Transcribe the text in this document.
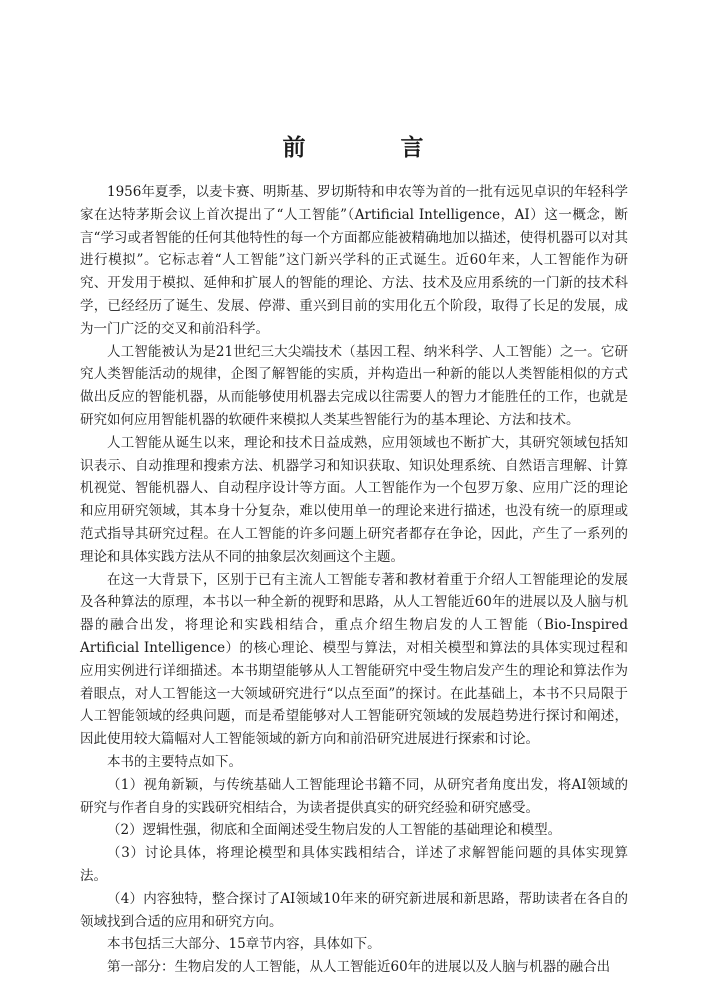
前　言

1956年夏季，以麦卡赛、明斯基、罗切斯特和申农等为首的一批有远见卓识的年轻科学家在达特茅斯会议上首次提出了“人工智能”（Artificial Intelligence，AI）这一概念，断言“学习或者智能的任何其他特性的每一个方面都应能被精确地加以描述，使得机器可以对其进行模拟”。它标志着“人工智能”这门新兴学科的正式诞生。近60年来，人工智能作为研究、开发用于模拟、延伸和扩展人的智能的理论、方法、技术及应用系统的一门新的技术科学，已经经历了诞生、发展、停滞、重兴到目前的实用化五个阶段，取得了长足的发展，成为一门广泛的交叉和前沿科学。

人工智能被认为是21世纪三大尖端技术（基因工程、纳米科学、人工智能）之一。它研究人类智能活动的规律，企图了解智能的实质，并构造出一种新的能以人类智能相似的方式做出反应的智能机器，从而能够使用机器去完成以往需要人的智力才能胜任的工作，也就是研究如何应用智能机器的软硬件来模拟人类某些智能行为的基本理论、方法和技术。

人工智能从诞生以来，理论和技术日益成熟，应用领域也不断扩大，其研究领域包括知识表示、自动推理和搜索方法、机器学习和知识获取、知识处理系统、自然语言理解、计算机视觉、智能机器人、自动程序设计等方面。人工智能作为一个包罗万象、应用广泛的理论和应用研究领域，其本身十分复杂，难以使用单一的理论来进行描述，也没有统一的原理或范式指导其研究过程。在人工智能的许多问题上研究者都存在争论，因此，产生了一系列的理论和具体实践方法从不同的抽象层次刻画这个主题。

在这一大背景下，区别于已有主流人工智能专著和教材着重于介绍人工智能理论的发展及各种算法的原理，本书以一种全新的视野和思路，从人工智能近60年的进展以及人脑与机器的融合出发，将理论和实践相结合，重点介绍生物启发的人工智能（Bio-Inspired Artificial Intelligence）的核心理论、模型与算法，对相关模型和算法的具体实现过程和应用实例进行详细描述。本书期望能够从人工智能研究中受生物启发产生的理论和算法作为着眼点，对人工智能这一大领域研究进行“以点至面”的探讨。在此基础上，本书不只局限于人工智能领域的经典问题，而是希望能够对人工智能研究领域的发展趋势进行探讨和阐述，因此使用较大篇幅对人工智能领域的新方向和前沿研究进展进行探索和讨论。

本书的主要特点如下。

（1）视角新颖，与传统基础人工智能理论书籍不同，从研究者角度出发，将AI领域的研究与作者自身的实践研究相结合，为读者提供真实的研究经验和研究感受。

（2）逻辑性强，彻底和全面阐述受生物启发的人工智能的基础理论和模型。

（3）讨论具体，将理论模型和具体实践相结合，详述了求解智能问题的具体实现算法。

（4）内容独特，整合探讨了AI领域10年来的研究新进展和新思路，帮助读者在各自的领域找到合适的应用和研究方向。

本书包括三大部分、15章节内容，具体如下。

第一部分：生物启发的人工智能，从人工智能近60年的进展以及人脑与机器的融合出
